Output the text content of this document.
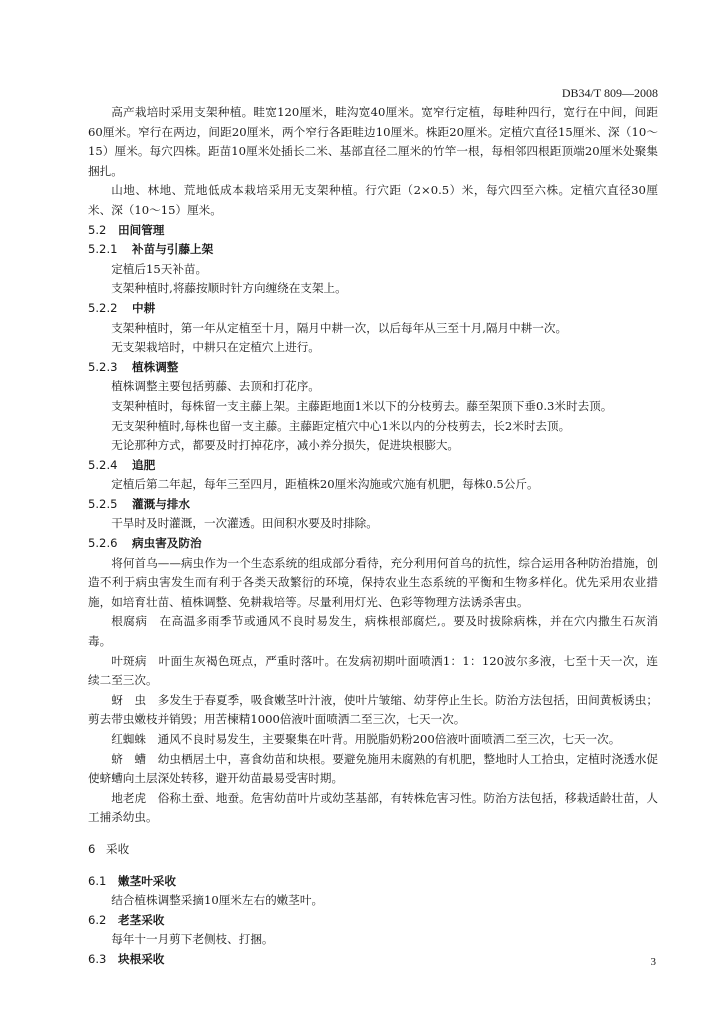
DB34/T 809—2008

高产栽培时采用支架种植。畦宽120厘米，畦沟宽40厘米。宽窄行定植，每畦种四行，宽行在中间，间距60厘米。窄行在两边，间距20厘米，两个窄行各距畦边10厘米。株距20厘米。定植穴直径15厘米、深（10～15）厘米。每穴四株。距苗10厘米处插长二米、基部直径二厘米的竹竿一根，每相邻四根距顶端20厘米处聚集捆扎。

山地、林地、荒地低成本栽培采用无支架种植。行穴距（2×0.5）米，每穴四至六株。定植穴直径30厘米、深（10～15）厘米。

5.2 田间管理

5.2.1 补苗与引藤上架

定植后15天补苗。

支架种植时,将藤按顺时针方向缠绕在支架上。

5.2.2 中耕

支架种植时，第一年从定植至十月，隔月中耕一次，以后每年从三至十月,隔月中耕一次。

无支架栽培时，中耕只在定植穴上进行。

5.2.3 植株调整

植株调整主要包括剪藤、去顶和打花序。

支架种植时，每株留一支主藤上架。主藤距地面1米以下的分枝剪去。藤至架顶下垂0.3米时去顶。

无支架种植时,每株也留一支主藤。主藤距定植穴中心1米以内的分枝剪去，长2米时去顶。

无论那种方式，都要及时打掉花序，减小养分损失，促进块根膨大。

5.2.4 追肥

定植后第二年起，每年三至四月，距植株20厘米沟施或穴施有机肥，每株0.5公斤。

5.2.5 灌溉与排水

干旱时及时灌溉，一次灌透。田间积水要及时排除。

5.2.6 病虫害及防治

将何首乌——病虫作为一个生态系统的组成部分看待，充分利用何首乌的抗性，综合运用各种防治措施，创造不利于病虫害发生而有利于各类天敌繁衍的环境，保持农业生态系统的平衡和生物多样化。优先采用农业措施，如培育壮苗、植株调整、免耕栽培等。尽量利用灯光、色彩等物理方法诱杀害虫。

根腐病　 在高温多雨季节或通风不良时易发生，病株根部腐烂,。要及时拔除病株，并在穴内撒生石灰消毒。

叶斑病　 叶面生灰褐色斑点，严重时落叶。在发病初期叶面喷洒1：1：120波尔多液，七至十天一次，连续二至三次。

蚜　虫　 多发生于春夏季，吸食嫩茎叶汁液，使叶片皱缩、幼芽停止生长。防治方法包括，田间黄板诱虫；剪去带虫嫩枝并销毁；用苦楝精1000倍液叶面喷洒二至三次，七天一次。

红蜘蛛　 通风不良时易发生，主要聚集在叶背。用脱脂奶粉200倍液叶面喷洒二至三次，七天一次。

蛴　螬　 幼虫栖居土中，喜食幼苗和块根。要避免施用未腐熟的有机肥，整地时人工拾虫，定植时浇透水促使蛴螬向土层深处转移，避开幼苗最易受害时期。

地老虎　 俗称土蚕、地蚕。危害幼苗叶片或幼茎基部，有转株危害习性。防治方法包括，移栽适龄壮苗，人工捕杀幼虫。

6 采收

6.1 嫩茎叶采收

结合植株调整采摘10厘米左右的嫩茎叶。

6.2 老茎采收

每年十一月剪下老侧枝、打捆。

6.3 块根采收	3
